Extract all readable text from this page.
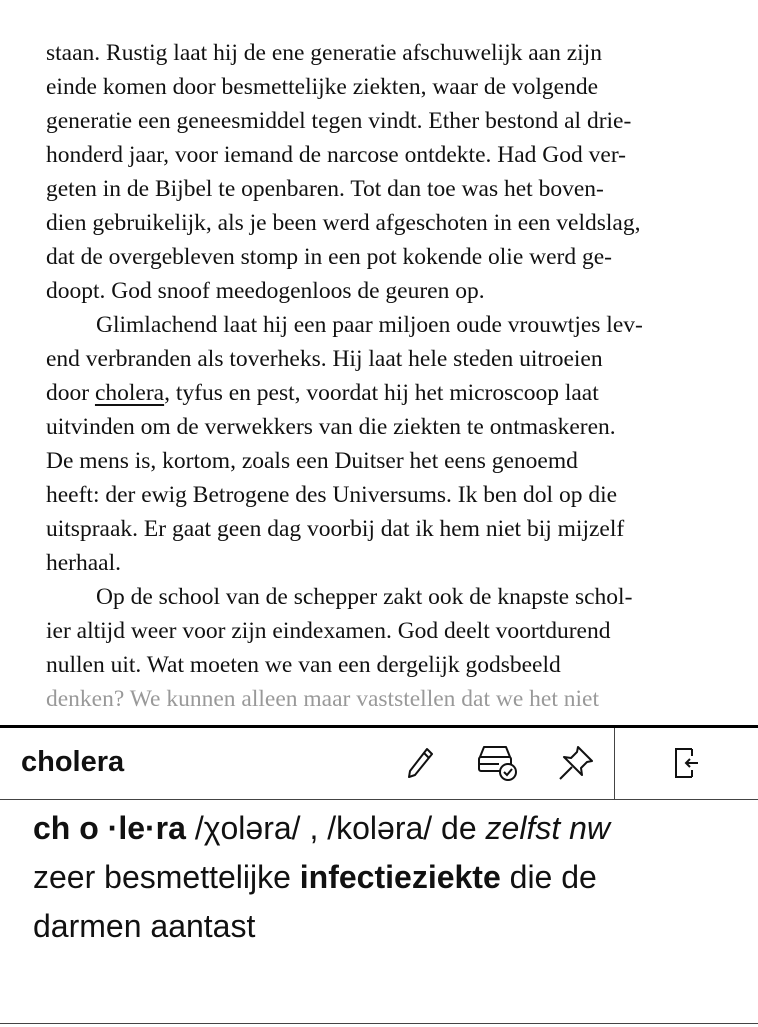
staan. Rustig laat hij de ene generatie afschuwelijk aan zijn

einde komen door besmettelijke ziekten, waar de volgende

generatie een geneesmiddel tegen vindt. Ether bestond al drie-

honderd jaar, voor iemand de narcose ontdekte. Had God ver-

geten in de Bijbel te openbaren. Tot dan toe was het boven-

dien gebruikelijk, als je been werd afgeschoten in een veldslag,

dat de overgebleven stomp in een pot kokende olie werd ge-

doopt. God snoof meedogenloos de geuren op.

Glimlachend laat hij een paar miljoen oude vrouwtjes lev-

end verbranden als toverheks. Hij laat hele steden uitroeien

door cholera, tyfus en pest, voordat hij het microscoop laat

uitvinden om de verwekkers van die ziekten te ontmaskeren.

De mens is, kortom, zoals een Duitser het eens genoemd

heeft: der ewig Betrogene des Universums. Ik ben dol op die

uitspraak. Er gaat geen dag voorbij dat ik hem niet bij mijzelf

herhaal.

Op de school van de schepper zakt ook de knapste schol-

ier altijd weer voor zijn eindexamen. God deelt voortdurend

nullen uit. Wat moeten we van een dergelijk godsbeeld

denken? We kunnen alleen maar vaststellen dat we het niet

cholera
ch o ·le·ra /χolәra/ , /kolәra/ de zelfst nw
zeer besmettelijke infectieziekte die de
darmen aantast
